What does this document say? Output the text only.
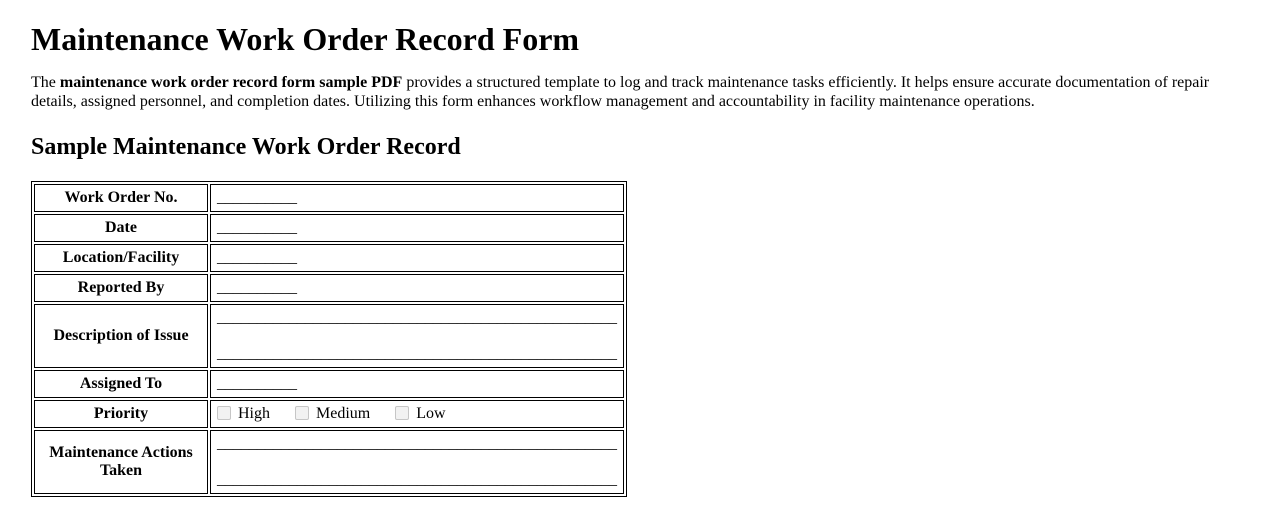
Maintenance Work Order Record Form

The maintenance work order record form sample PDF provides a structured template to log and track maintenance tasks efficiently. It helps ensure accurate documentation of repair details, assigned personnel, and completion dates. Utilizing this form enhances workflow management and accountability in facility maintenance operations.

Sample Maintenance Work Order Record
Work Order No.	__________
Date	__________
Location/Facility	__________
Reported By	__________
Description of Issue	__________________________________________________

__________________________________________________
Assigned To	__________
Priority	High Medium Low
Maintenance Actions Taken	__________________________________________________

__________________________________________________
